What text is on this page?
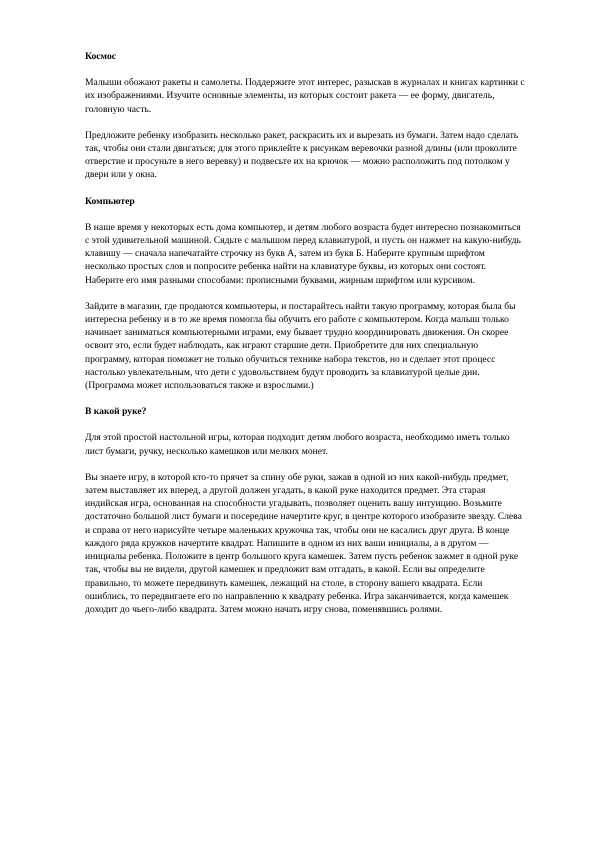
Космос

Малыши обожают ракеты и самолеты. Поддержите этот интерес, разыскав в журналах и книгах картинки с их изображениями. Изучите основные элементы, из которых состоит ракета — ее форму, двигатель, головную часть.

Предложите ребенку изобразить несколько ракет, раскрасить их и вырезать из бумаги. Затем надо сделать так, чтобы они стали двигаться; для этого приклейте к рисункам веревочки разной длины (или проколите отверстие и просуньте в него веревку) и подвесьте их на крючок — можно расположить под потолком у двери или у окна.

Компьютер

В наше время у некоторых есть дома компьютер, и детям любого возраста будет интересно познакомиться с этой удивительной машиной. Сядьте с малышом перед клавиатурой, и пусть он нажмет на какую-нибудь клавишу — сначала напечатайте строчку из букв А, затем из букв Б. Наберите крупным шрифтом несколько простых слов и попросите ребенка найти на клавиатуре буквы, из которых они состоят. Наберите его имя разными способами: прописными буквами, жирным шрифтом или курсивом.

Зайдите в магазин, где продаются компьютеры, и постарайтесь найти такую программу, которая была бы интересна ребенку и в то же время помогла бы обучить его работе с компьютером. Когда малыш только начинает заниматься компьютерными играми, ему бывает трудно координировать движения. Он скорее освоит это, если будет наблюдать, как играют старшие дети. Приобретите для них специальную программу, которая поможет не только обучиться технике набора текстов, но и сделает этот процесс настолько увлекательным, что дети с удовольствием будут проводить за клавиатурой целые дни. (Программа может использоваться также и взрослыми.)

В какой руке?

Для этой простой настольной игры, которая подходит детям любого возраста, необходимо иметь только лист бумаги, ручку, несколько камешков или мелких монет.

Вы знаете игру, в которой кто-то прячет за спину обе руки, зажав в одной из них какой-нибудь предмет, затем выставляет их вперед, а другой должен угадать, в какой руке находится предмет. Эта старая индийская игра, основанная на способности угадывать, позволяет оценить вашу интуицию. Возьмите достаточно большой лист бумаги и посередине начертите круг, в центре которого изобразите звезду. Слева и справа от него нарисуйте четыре маленьких кружочка так, чтобы они не касались друг друга. В конце каждого ряда кружков начертите квадрат. Напишите в одном из них ваши инициалы, а в другом — инициалы ребенка. Положите в центр большого круга камешек. Затем пусть ребенок зажмет в одной руке так, чтобы вы не видели, другой камешек и предложит вам отгадать, в какой. Если вы определите правильно, то можете передвинуть камешек, лежащий на столе, в сторону вашего квадрата. Если ошиблись, то передвигаете его по направлению к квадрату ребенка. Игра заканчивается, когда камешек доходит до чьего-либо квадрата. Затем можно начать игру снова, поменявшись ролями.
